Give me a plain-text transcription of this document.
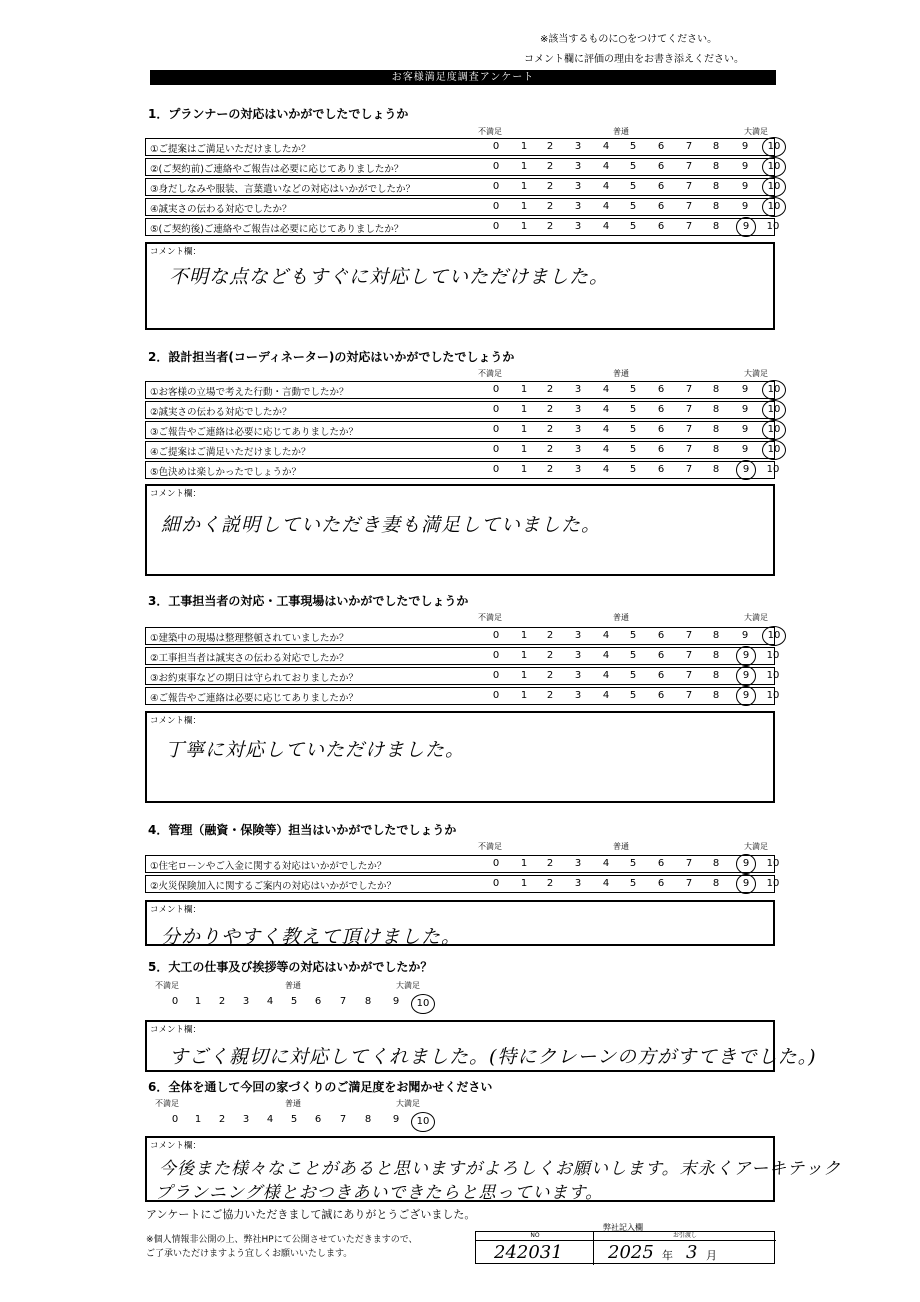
※該当するものに○をつけてください。
コメント欄に評価の理由をお書き添えください。
お客様満足度調査アンケート
1．プランナーの対応はいかがでしたでしょうか
不満足	普通	大満足
①ご提案はご満足いただけましたか？	0	1	2	3	4	5	6	7	8	9	10
②(ご契約前)ご連絡やご報告は必要に応じてありましたか？	0	1	2	3	4	5	6	7	8	9	10
③身だしなみや服装、言葉遣いなどの対応はいかがでしたか？	0	1	2	3	4	5	6	7	8	9	10
④誠実さの伝わる対応でしたか？	0	1	2	3	4	5	6	7	8	9	10
⑤(ご契約後)ご連絡やご報告は必要に応じてありましたか？	0	1	2	3	4	5	6	7	8	9	10
コメント欄：
不明な点などもすぐに対応していただけました。
2．設計担当者(コーディネーター)の対応はいかがでしたでしょうか
不満足	普通	大満足
①お客様の立場で考えた行動・言動でしたか？	0	1	2	3	4	5	6	7	8	9	10
②誠実さの伝わる対応でしたか？	0	1	2	3	4	5	6	7	8	9	10
③ご報告やご連絡は必要に応じてありましたか？	0	1	2	3	4	5	6	7	8	9	10
④ご提案はご満足いただけましたか？	0	1	2	3	4	5	6	7	8	9	10
⑤色決めは楽しかったでしょうか？	0	1	2	3	4	5	6	7	8	9	10
コメント欄：
細かく説明していただき妻も満足していました。
3．工事担当者の対応・工事現場はいかがでしたでしょうか
不満足	普通	大満足
①建築中の現場は整理整頓されていましたか？	0	1	2	3	4	5	6	7	8	9	10
②工事担当者は誠実さの伝わる対応でしたか？	0	1	2	3	4	5	6	7	8	9	10
③お約束事などの期日は守られておりましたか？	0	1	2	3	4	5	6	7	8	9	10
④ご報告やご連絡は必要に応じてありましたか？	0	1	2	3	4	5	6	7	8	9	10
コメント欄：
丁寧に対応していただけました。
4．管理（融資・保険等）担当はいかがでしたでしょうか
不満足	普通	大満足
①住宅ローンやご入金に関する対応はいかがでしたか？	0	1	2	3	4	5	6	7	8	9	10
②火災保険加入に関するご案内の対応はいかがでしたか？	0	1	2	3	4	5	6	7	8	9	10
コメント欄：
分かりやすく教えて頂けました。
5．大工の仕事及び挨拶等の対応はいかがでしたか？
不満足	普通	大満足
0	1	2	3	4	5	6	7	8	9	10
コメント欄：
すごく親切に対応してくれました。(特にクレーンの方がすてきでした。)
6．全体を通して今回の家づくりのご満足度をお聞かせください
不満足	普通	大満足
0	1	2	3	4	5	6	7	8	9	10
コメント欄：
今後また様々なことがあると思いますがよろしくお願いします。末永くアーキテック
プランニング様とおつきあいできたらと思っています。
アンケートにご協力いただきまして誠にありがとうございました。
※個人情報非公開の上、弊社HPにて公開させていただきますので、
ご了承いただけますよう宜しくお願いいたします。
弊社記入欄
NO
242031
お引渡し
2025 年 3 月
